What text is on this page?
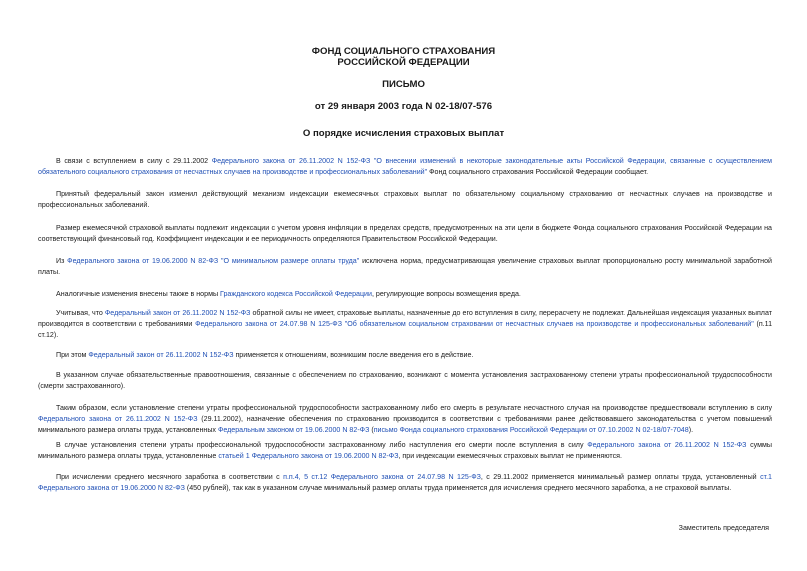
ФОНД СОЦИАЛЬНОГО СТРАХОВАНИЯ
РОССИЙСКОЙ ФЕДЕРАЦИИ
ПИСЬМО
от 29 января 2003 года N 02-18/07-576
О порядке исчисления страховых выплат

В связи с вступлением в силу с 29.11.2002 Федерального закона от 26.11.2002 N 152-ФЗ "О внесении изменений в некоторые законодательные акты Российской Федерации, связанные с осуществлением обязательного социального страхования от несчастных случаев на производстве и профессиональных заболеваний" Фонд социального страхования Российской Федерации сообщает.

Принятый федеральный закон изменил действующий механизм индексации ежемесячных страховых выплат по обязательному социальному страхованию от несчастных случаев на производстве и профессиональных заболеваний.

Размер ежемесячной страховой выплаты подлежит индексации с учетом уровня инфляции в пределах средств, предусмотренных на эти цели в бюджете Фонда социального страхования Российской Федерации на соответствующий финансовый год. Коэффициент индексации и ее периодичность определяются Правительством Российской Федерации.

Из Федерального закона от 19.06.2000 N 82-ФЗ "О минимальном размере оплаты труда" исключена норма, предусматривающая увеличение страховых выплат пропорционально росту минимальной заработной платы.

Аналогичные изменения внесены также в нормы Гражданского кодекса Российской Федерации, регулирующие вопросы возмещения вреда.

Учитывая, что Федеральный закон от 26.11.2002 N 152-ФЗ обратной силы не имеет, страховые выплаты, назначенные до его вступления в силу, перерасчету не подлежат. Дальнейшая индексация указанных выплат производится в соответствии с требованиями Федерального закона от 24.07.98 N 125-ФЗ "Об обязательном социальном страховании от несчастных случаев на производстве и профессиональных заболеваний" (п.11 ст.12).

При этом Федеральный закон от 26.11.2002 N 152-ФЗ применяется к отношениям, возникшим после введения его в действие.

В указанном случае обязательственные правоотношения, связанные с обеспечением по страхованию, возникают с момента установления застрахованному степени утраты профессиональной трудоспособности (смерти застрахованного).

Таким образом, если установление степени утраты профессиональной трудоспособности застрахованному либо его смерть в результате несчастного случая на производстве предшествовали вступлению в силу Федерального закона от 26.11.2002 N 152-ФЗ (29.11.2002), назначение обеспечения по страхованию производится в соответствии с требованиями ранее действовавшего законодательства с учетом повышений минимального размера оплаты труда, установленных Федеральным законом от 19.06.2000 N 82-ФЗ (письмо Фонда социального страхования Российской Федерации от 07.10.2002 N 02-18/07-7048).

В случае установления степени утраты профессиональной трудоспособности застрахованному либо наступления его смерти после вступления в силу Федерального закона от 26.11.2002 N 152-ФЗ суммы минимального размера оплаты труда, установленные статьей 1 Федерального закона от 19.06.2000 N 82-ФЗ, при индексации ежемесячных страховых выплат не применяются.

При исчислении среднего месячного заработка в соответствии с п.п.4, 5 ст.12 Федерального закона от 24.07.98 N 125-ФЗ, с 29.11.2002 применяется минимальный размер оплаты труда, установленный ст.1 Федерального закона от 19.06.2000 N 82-ФЗ (450 рублей), так как в указанном случае минимальный размер оплаты труда применяется для исчисления среднего месячного заработка, а не страховой выплаты.

Заместитель председателя
